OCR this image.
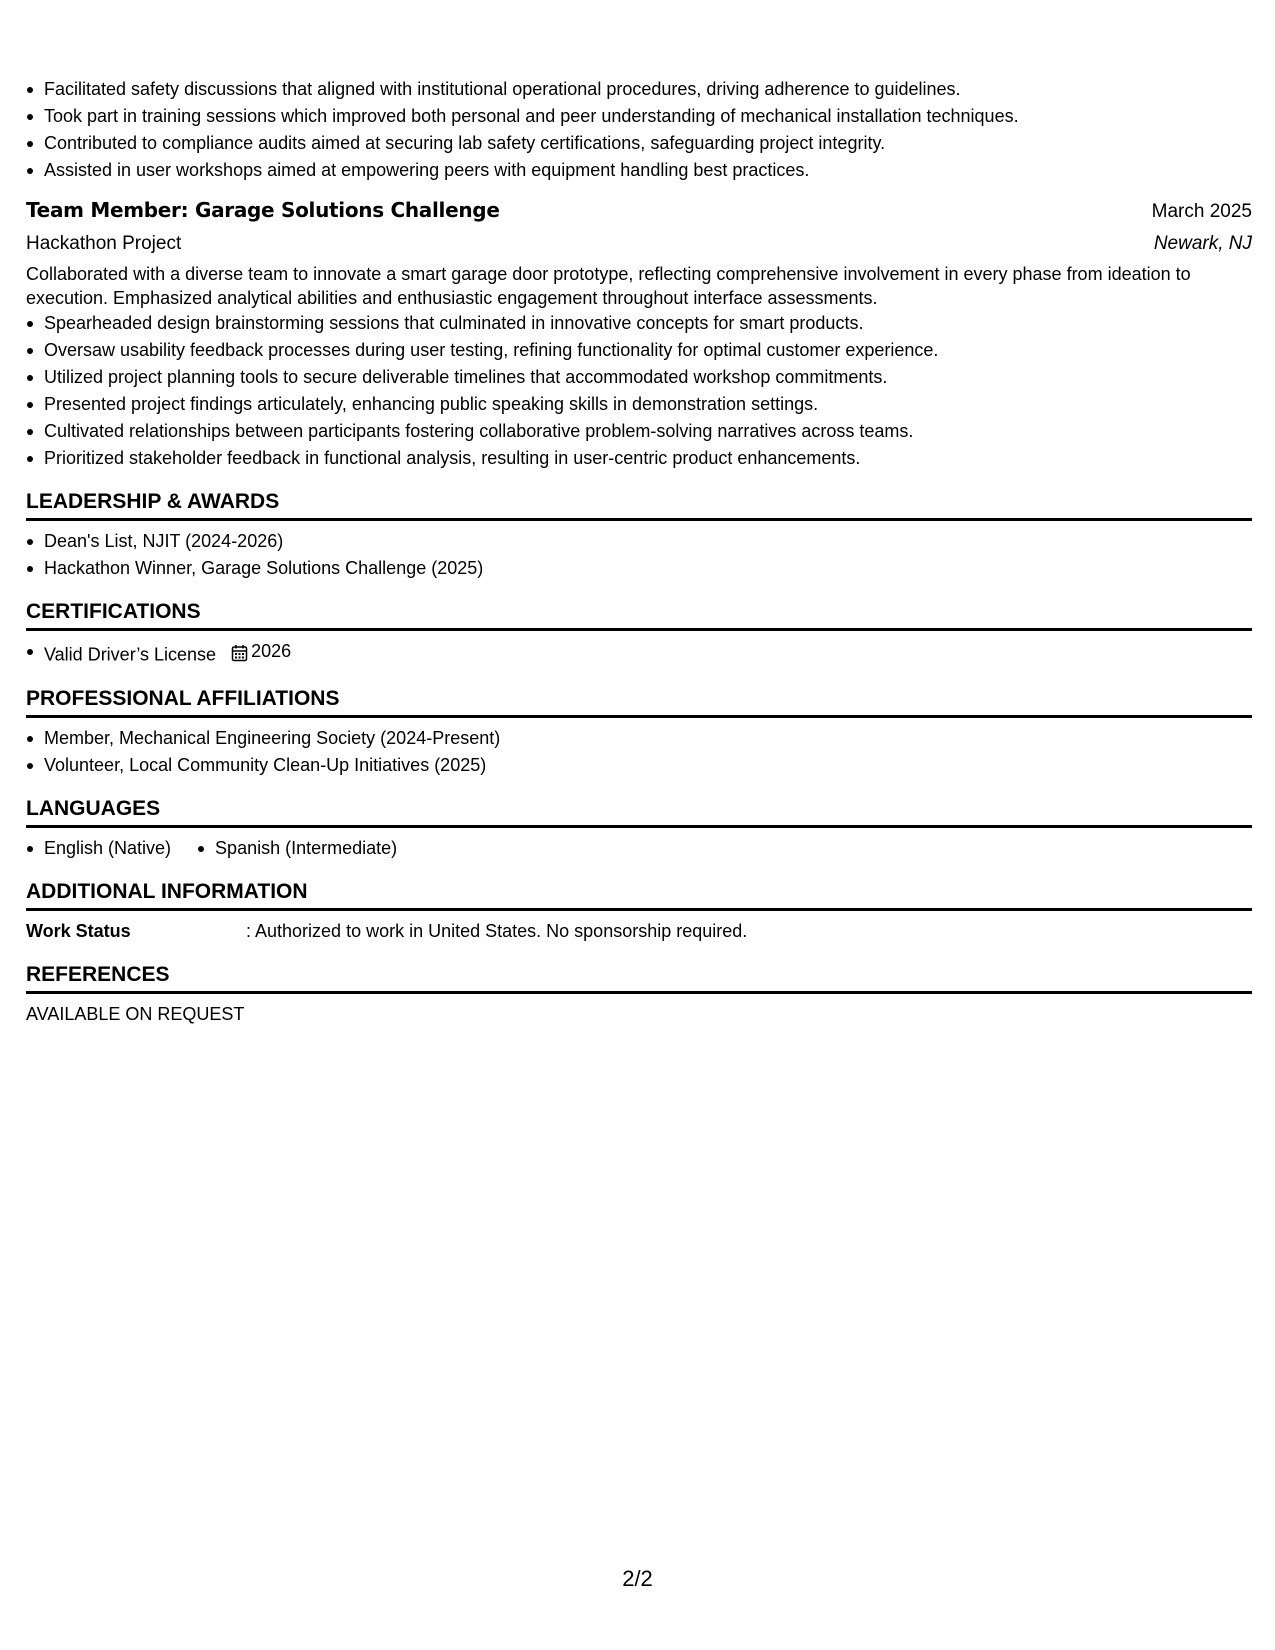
Facilitated safety discussions that aligned with institutional operational procedures, driving adherence to guidelines.
Took part in training sessions which improved both personal and peer understanding of mechanical installation techniques.
Contributed to compliance audits aimed at securing lab safety certifications, safeguarding project integrity.
Assisted in user workshops aimed at empowering peers with equipment handling best practices.
Team Member: Garage Solutions Challenge	March 2025
Hackathon Project	Newark, NJ
Collaborated with a diverse team to innovate a smart garage door prototype, reflecting comprehensive involvement in every phase from ideation to execution. Emphasized analytical abilities and enthusiastic engagement throughout interface assessments.
Spearheaded design brainstorming sessions that culminated in innovative concepts for smart products.
Oversaw usability feedback processes during user testing, refining functionality for optimal customer experience.
Utilized project planning tools to secure deliverable timelines that accommodated workshop commitments.
Presented project findings articulately, enhancing public speaking skills in demonstration settings.
Cultivated relationships between participants fostering collaborative problem-solving narratives across teams.
Prioritized stakeholder feedback in functional analysis, resulting in user-centric product enhancements.
LEADERSHIP & AWARDS
Dean's List, NJIT (2024-2026)
Hackathon Winner, Garage Solutions Challenge (2025)
CERTIFICATIONS
Valid Driver’s License 2026
PROFESSIONAL AFFILIATIONS
Member, Mechanical Engineering Society (2024-Present)
Volunteer, Local Community Clean-Up Initiatives (2025)
LANGUAGES
English (Native)	Spanish (Intermediate)
ADDITIONAL INFORMATION
Work Status	: Authorized to work in United States. No sponsorship required.
REFERENCES
AVAILABLE ON REQUEST
2/2
